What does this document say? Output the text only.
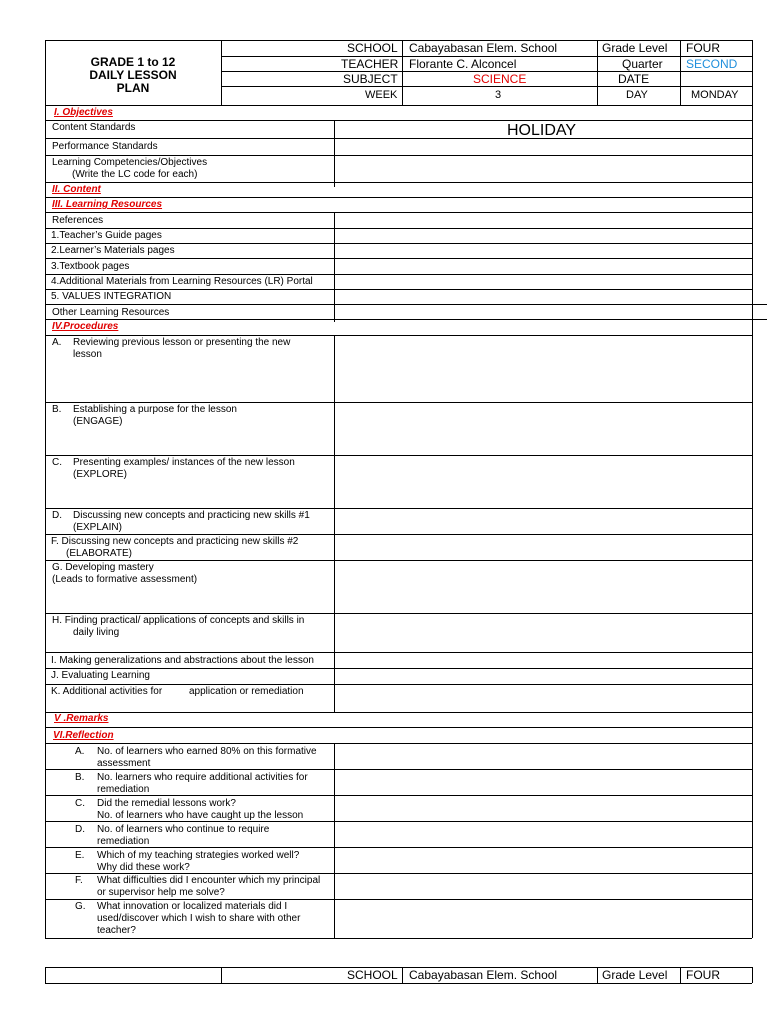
GRADE 1 to 12
DAILY LESSON
PLAN
SCHOOL Cabayabasan Elem. School	Grade Level FOUR
TEACHER Florante C. Alconcel	Quarter SECOND
SUBJECT	SCIENCE	DATE
WEEK	3	DAY	MONDAY
I. Objectives
Content Standards	HOLIDAY
Performance Standards
Learning Competencies/Objectives
(Write the LC code for each)
II. Content
III. Learning Resources
References
1.Teacher’s Guide pages
2.Learner’s Materials pages
3.Textbook pages
4.Additional Materials from Learning Resources (LR) Portal
5. VALUES INTEGRATION
Other Learning Resources
IV.Procedures
A. Reviewing previous lesson or presenting the new
lesson
B. Establishing a purpose for the lesson
(ENGAGE)
C. Presenting examples/ instances of the new lesson
(EXPLORE)
D. Discussing new concepts and practicing new skills #1
(EXPLAIN)
F. Discussing new concepts and practicing new skills #2
(ELABORATE)
G. Developing mastery
(Leads to formative assessment)
H. Finding practical/ applications of concepts and skills in
daily living
I. Making generalizations and abstractions about the lesson
J. Evaluating Learning
K. Additional activities for	application or remediation
V .Remarks
VI.Reflection
A. No. of learners who earned 80% on this formative
assessment
B. No. learners who require additional activities for
remediation
C. Did the remedial lessons work?
No. of learners who have caught up the lesson
D. No. of learners who continue to require
remediation
E. Which of my teaching strategies worked well?
Why did these work?
F. What difficulties did I encounter which my principal
or supervisor help me solve?
G. What innovation or localized materials did I
used/discover which I wish to share with other
teacher?
SCHOOL Cabayabasan Elem. School	Grade Level FOUR
